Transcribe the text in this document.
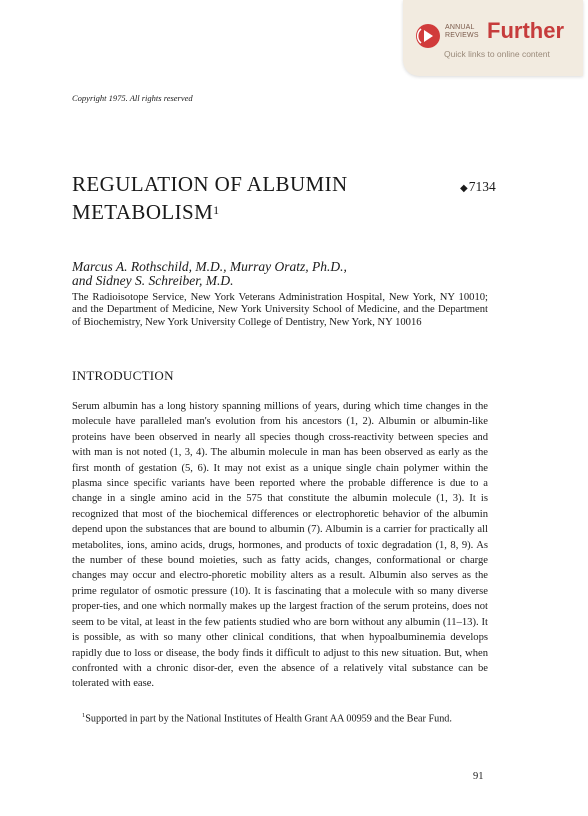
ANNUAL
REVIEWS Further
Quick links to online content
Copyright 1975. All rights reserved
REGULATION OF ALBUMIN
METABOLISM$^1$
◆7134
Marcus A. Rothschild, M.D., Murray Oratz, Ph.D.,
and Sidney S. Schreiber, M.D.
The Radioisotope Service, New York Veterans Administration Hospital, New York, NY 10010; and the Department of Medicine, New York University School of Medicine, and the Department of Biochemistry, New York University College of Dentistry, New York, NY 10016
INTRODUCTION

Serum albumin has a long history spanning millions of years, during which time changes in the molecule have paralleled man's evolution from his ancestors (1, 2). Albumin or albumin-like proteins have been observed in nearly all species though cross-reactivity between species and with man is not noted (1, 3, 4). The albumin molecule in man has been observed as early as the first month of gestation (5, 6). It may not exist as a unique single chain polymer within the plasma since specific variants have been reported where the probable difference is due to a change in a single amino acid in the 575 that constitute the albumin molecule (1, 3). It is recognized that most of the biochemical differences or electrophoretic behavior of the albumin depend upon the substances that are bound to albumin (7). Albumin is a carrier for practically all metabolites, ions, amino acids, drugs, hormones, and products of toxic degradation (1, 8, 9). As the number of these bound moieties, such as fatty acids, changes, conformational or charge changes may occur and electro-phoretic mobility alters as a result. Albumin also serves as the prime regulator of osmotic pressure (10). It is fascinating that a molecule with so many diverse proper-ties, and one which normally makes up the largest fraction of the serum proteins, does not seem to be vital, at least in the few patients studied who are born without any albumin (11–13). It is possible, as with so many other clinical conditions, that when hypoalbuminemia develops rapidly due to loss or disease, the body finds it difficult to adjust to this new situation. But, when confronted with a chronic disor-der, even the absence of a relatively vital substance can be tolerated with ease.

$^1$Supported in part by the National Institutes of Health Grant AA 00959 and the Bear Fund.

91
